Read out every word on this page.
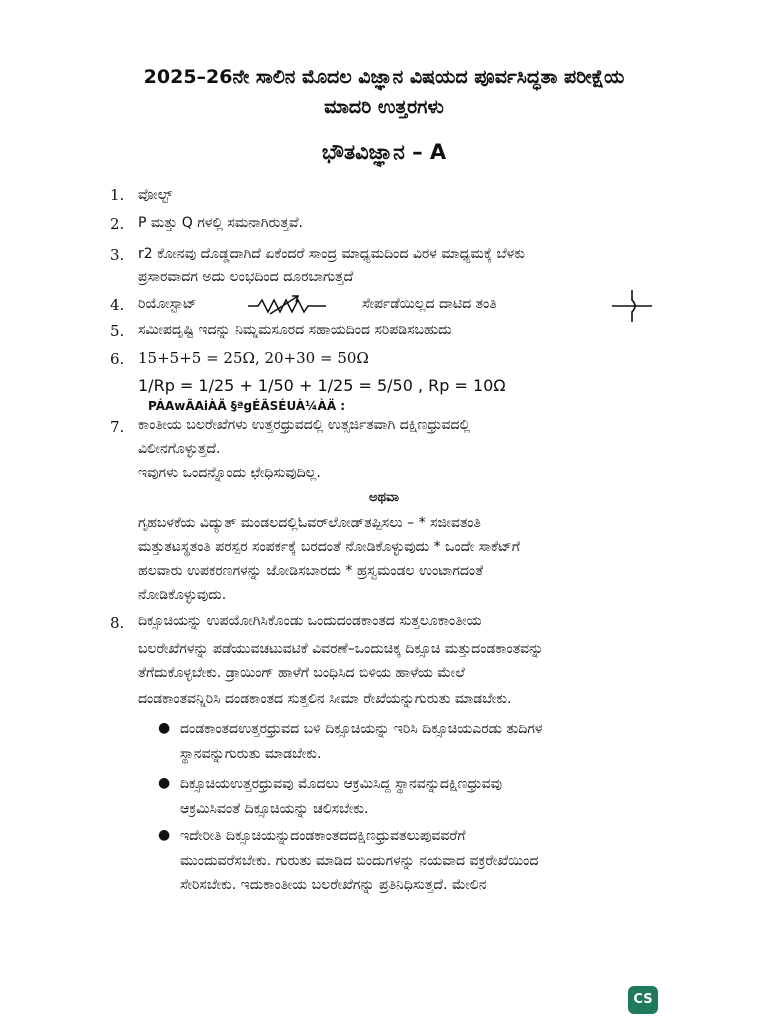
2025–26ನೇ ಸಾಲಿನ ಮೊದಲ ವಿಜ್ಞಾನ ವಿಷಯದ ಪೂರ್ವಸಿದ್ಧತಾ ಪರೀಕ್ಷೆಯ
ಮಾದರಿ ಉತ್ತರಗಳು
ಭೌತವಿಜ್ಞಾನ – A
1. ವೋಲ್ಟ್
2. P ಮತ್ತು Q ಗಳಲ್ಲಿ ಸಮನಾಗಿರುತ್ತವೆ.
3. r2 ಕೋನವು ದೊಡ್ಡದಾಗಿದೆ ಏಕೆಂದರೆ ಸಾಂದ್ರ ಮಾಧ್ಯಮದಿಂದ ವಿರಳ ಮಾಧ್ಯಮಕ್ಕೆ ಬೆಳಕು
ಪ್ರಸಾರವಾದಗ ಅದು ಲಂಭದಿಂದ ದೂರಬಾಗುತ್ತದೆ
4. ರಿಯೋಸ್ಟಾಟ್	ಸೇರ್ಪಡೆಯಿಲ್ಲದ ದಾಟಿದ ತಂತಿ
5. ಸಮೀಪದೃಷ್ಟಿ ಇದನ್ನು ನಿಮ್ನಮಸೂರದ ಸಹಾಯದಿಂದ ಸರಿಪಡಿಸಬಹುದು
6. 15+5+5 = 25Ω, 20+30 = 50Ω
1/Rp = 1/25 + 1/50 + 1/25 = 5/50 , Rp = 10Ω
PÁAwÃAiÀÄ §ªgÉÃSÉUÀ¼ÀÄ :
7. ಕಾಂತೀಯ ಬಲರೇಖೆಗಳು ಉತ್ತರಧ್ರುವದಲ್ಲಿ ಉತ್ಸರ್ಜಿತವಾಗಿ ದಕ್ಷಿಣಧ್ರುವದಲ್ಲಿ
ವಿಲೀನಗೊಳ್ಳುತ್ತದೆ.
ಇವುಗಳು ಒಂದನ್ನೊಂದು ಛೇಧಿಸುವುದಿಲ್ಲ.
ಅಥವಾ
ಗೃಹಬಳಕೆಯ ವಿದ್ಯುತ್ ಮಂಡಲದಲ್ಲಿಓವರ್‌ಲೋಡ್‌ತಪ್ಪಿಸಲು – * ಸಜೀವತಂತಿ
ಮತ್ತುತಟಸ್ಥತಂತಿ ಪರಸ್ಪರ ಸಂಪರ್ಕಕ್ಕೆ ಬರದಂತೆ ನೋಡಿಕೊಳ್ಳುವುದು * ಒಂದೇ ಸಾಕೆಟ್‌ಗೆ
ಹಲವಾರು ಉಪಕರಣಗಳನ್ನು ಜೋಡಿಸಬಾರದು * ಹ್ರಸ್ವಮಂಡಲ ಉಂಟಾಗದಂತೆ
ನೋಡಿಕೊಳ್ಳುವುದು.
8. ದಿಕ್ಸೂಚಿಯನ್ನು ಉಪಯೋಗಿಸಿಕೊಂಡು ಒಂದುದಂಡಕಾಂತದ ಸುತ್ತಲೂಕಾಂತೀಯ
ಬಲರೇಖೆಗಳನ್ನು ಪಡೆಯುವಚಟುವಟಿಕೆ ವಿವರಣೆ–ಒಂದುಚಿಕ್ಕ ದಿಕ್ಸೂಚಿ ಮತ್ತುದಂಡಕಾಂತವನ್ನು
ತೆಗೆದುಕೊಳ್ಳಬೇಕು. ಡ್ರಾಯಿಂಗ್ ಹಾಳೆಗೆ ಬಂಧಿಸಿದ ಬಿಳಿಯ ಹಾಳೆಯ ಮೇಲೆ
ದಂಡಕಾಂತವನ್ನಿರಿಸಿ ದಂಡಕಾಂತದ ಸುತ್ತಲಿನ ಸೀಮಾ ರೇಖೆಯನ್ನುಗುರುತು ಮಾಡಬೇಕು.
● ದಂಡಕಾಂತದಉತ್ತರಧ್ರುವದ ಬಳಿ ದಿಕ್ಸೂಚಿಯನ್ನು ಇರಿಸಿ ದಿಕ್ಸೂಚಿಯಎರಡು ತುದಿಗಳ
ಸ್ಥಾನವನ್ನುಗುರುತು ಮಾಡಬೇಕು.
● ದಿಕ್ಸೂಚಿಯಉತ್ತರಧ್ರುವವು ಮೊದಲು ಆಕ್ರಮಿಸಿದ್ದ ಸ್ಥಾನವನ್ನುದಕ್ಷಿಣಧ್ರುವವು
ಆಕ್ರಮಿಸಿವಂತೆ ದಿಕ್ಸೂಚಿಯನ್ನು ಚಲಿಸಬೇಕು.
● ಇದೇರೀತಿ ದಿಕ್ಸೂಚಿಯನ್ನುದಂಡಕಾಂತದದಕ್ಷಿಣಧ್ರುವತಲುಪುವವರೆಗೆ
ಮುಂದುವರೆಸಬೇಕು. ಗುರುತು ಮಾಡಿದ ಬಿಂದುಗಳನ್ನು ನಯವಾದ ವಕ್ರರೇಖೆಯಿಂದ
ಸೇರಿಸಬೇಕು. ಇದುಕಾಂತೀಯ ಬಲರೇಖೆಗನ್ನು ಪ್ರತಿನಿಧಿಸುತ್ತದೆ. ಮೇಲಿನ
CS
